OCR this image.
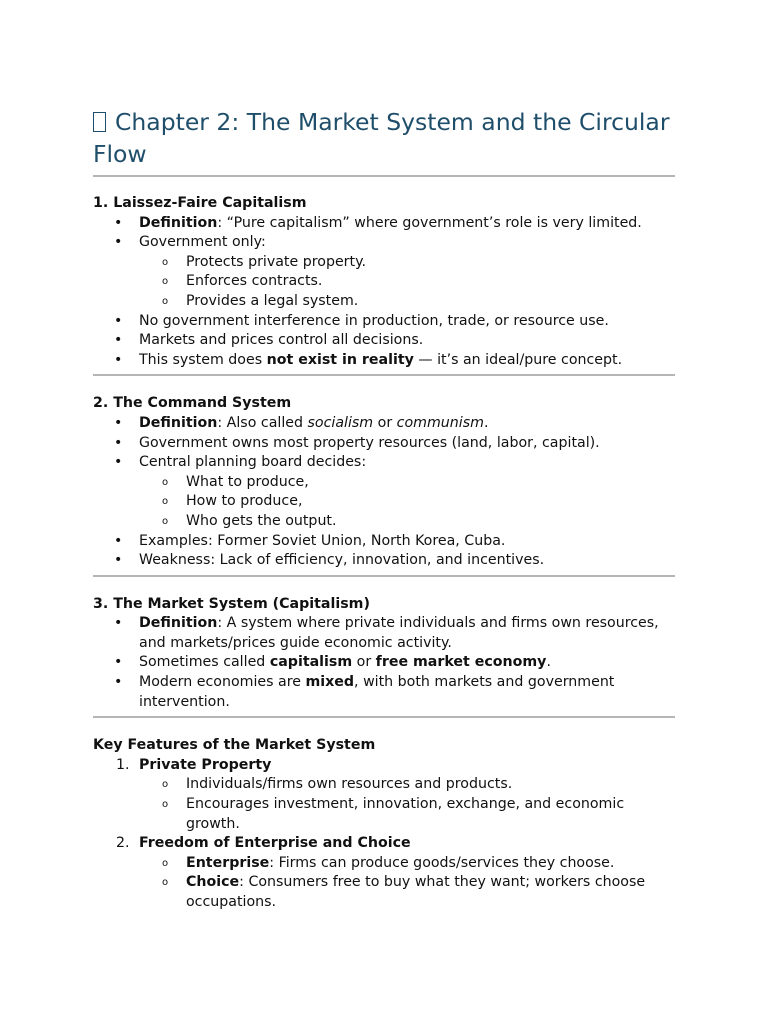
Chapter 2: The Market System and the Circular Flow
1. Laissez-Faire Capitalism
• Definition: “Pure capitalism” where government’s role is very limited.
• Government only:
o Protects private property.
o Enforces contracts.
o Provides a legal system.
• No government interference in production, trade, or resource use.
• Markets and prices control all decisions.
• This system does not exist in reality — it’s an ideal/pure concept.
2. The Command System
• Definition: Also called socialism or communism.
• Government owns most property resources (land, labor, capital).
• Central planning board decides:
o What to produce,
o How to produce,
o Who gets the output.
• Examples: Former Soviet Union, North Korea, Cuba.
• Weakness: Lack of efficiency, innovation, and incentives.
3. The Market System (Capitalism)
• Definition: A system where private individuals and firms own resources, and markets/prices guide economic activity.
• Sometimes called capitalism or free market economy.
• Modern economies are mixed, with both markets and government intervention.
Key Features of the Market System
1. Private Property
o Individuals/firms own resources and products.
o Encourages investment, innovation, exchange, and economic growth.
2. Freedom of Enterprise and Choice
o Enterprise: Firms can produce goods/services they choose.
o Choice: Consumers free to buy what they want; workers choose occupations.
